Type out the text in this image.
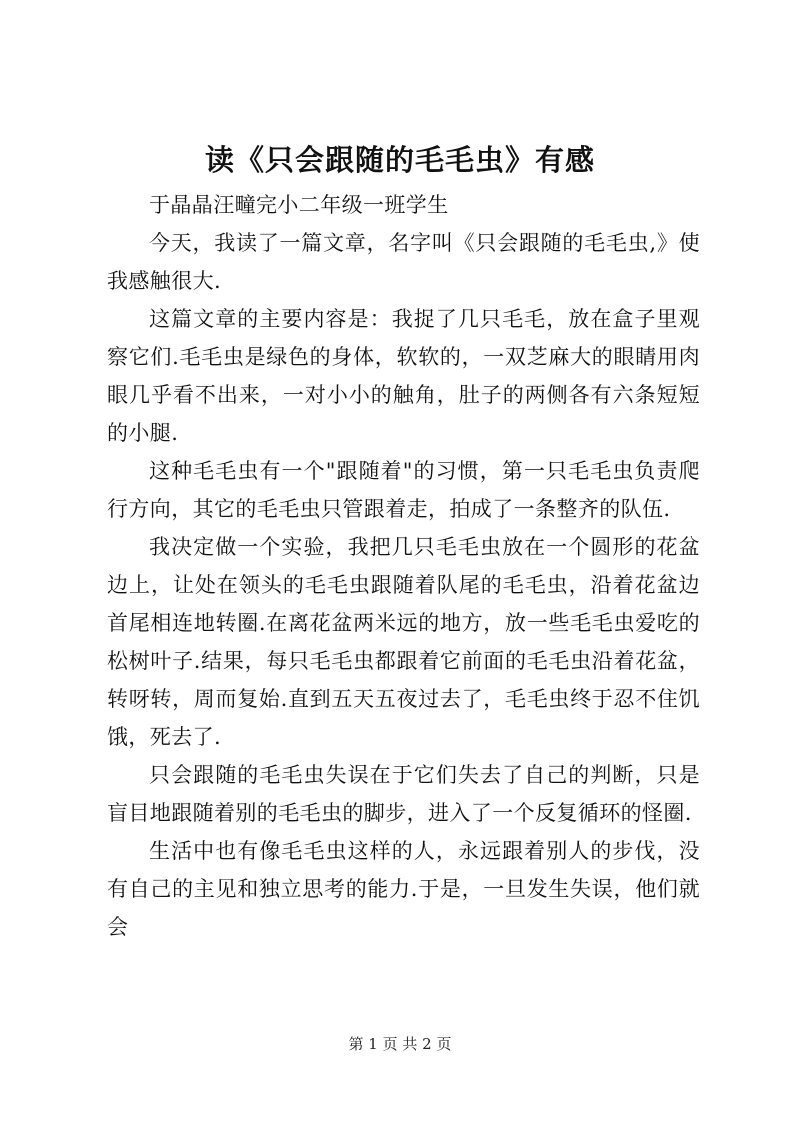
读《只会跟随的毛毛虫》有感

于晶晶汪疃完小二年级一班学生

今天，我读了一篇文章，名字叫《只会跟随的毛毛虫,》使我感触很大.

这篇文章的主要内容是：我捉了几只毛毛，放在盒子里观察它们.毛毛虫是绿色的身体，软软的，一双芝麻大的眼睛用肉眼几乎看不出来，一对小小的触角，肚子的两侧各有六条短短的小腿.

这种毛毛虫有一个"跟随着"的习惯，第一只毛毛虫负责爬行方向，其它的毛毛虫只管跟着走，拍成了一条整齐的队伍.

我决定做一个实验，我把几只毛毛虫放在一个圆形的花盆边上，让处在领头的毛毛虫跟随着队尾的毛毛虫，沿着花盆边首尾相连地转圈.在离花盆两米远的地方，放一些毛毛虫爱吃的松树叶子.结果，每只毛毛虫都跟着它前面的毛毛虫沿着花盆，转呀转，周而复始.直到五天五夜过去了，毛毛虫终于忍不住饥饿，死去了.

只会跟随的毛毛虫失误在于它们失去了自己的判断，只是盲目地跟随着别的毛毛虫的脚步，进入了一个反复循环的怪圈.

生活中也有像毛毛虫这样的人，永远跟着别人的步伐，没有自己的主见和独立思考的能力.于是，一旦发生失误，他们就会

第 1 页 共 2 页
